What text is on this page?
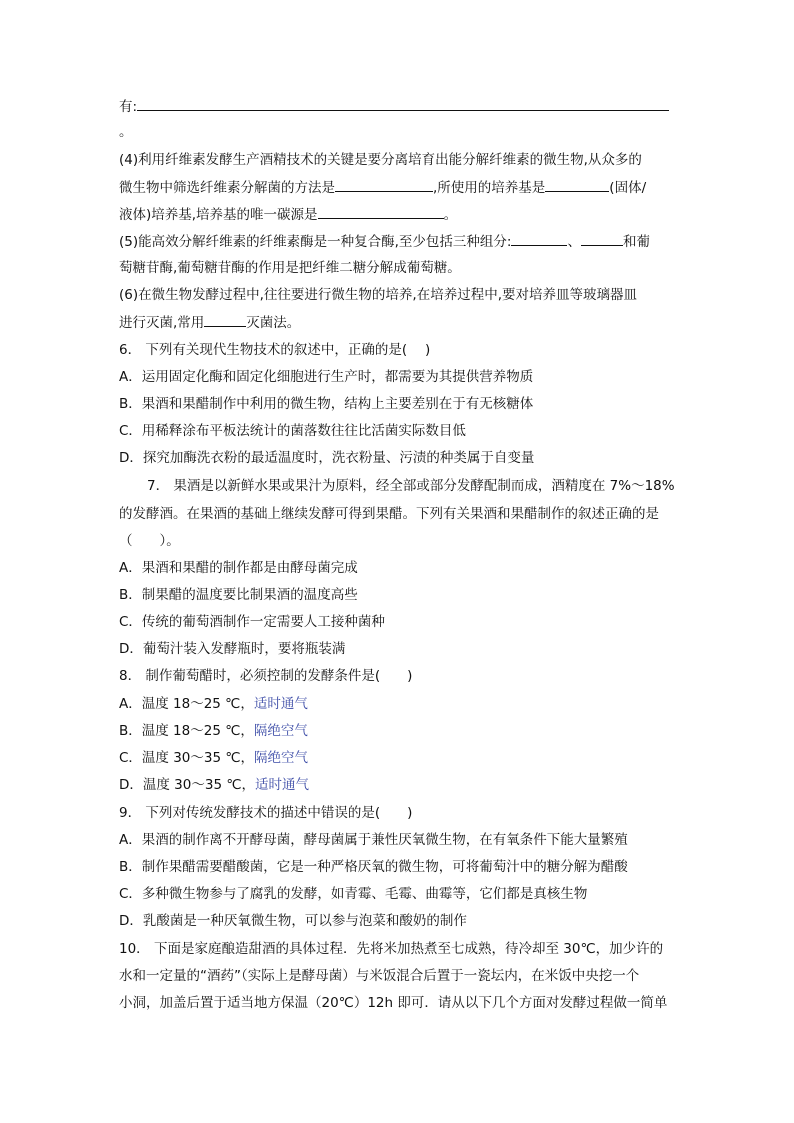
有:
。
(4)利用纤维素发酵生产酒精技术的关键是要分离培育出能分解纤维素的微生物,从众多的
微生物中筛选纤维素分解菌的方法是	,所使用的培养基是	(固体/
液体)培养基,培养基的唯一碳源是	。
(5)能高效分解纤维素的纤维素酶是一种复合酶,至少包括三种组分:	、	和葡
萄糖苷酶,葡萄糖苷酶的作用是把纤维二糖分解成葡萄糖。
(6)在微生物发酵过程中,往往要进行微生物的培养,在培养过程中,要对培养皿等玻璃器皿
进行灭菌,常用	灭菌法。
6． 下列有关现代生物技术的叙述中，正确的是(　 )
A．运用固定化酶和固定化细胞进行生产时，都需要为其提供营养物质
B．果酒和果醋制作中利用的微生物，结构上主要差别在于有无核糖体
C．用稀释涂布平板法统计的菌落数往往比活菌实际数目低
D．探究加酶洗衣粉的最适温度时，洗衣粉量、污渍的种类属于自变量
7． 果酒是以新鲜水果或果汁为原料，经全部或部分发酵配制而成，酒精度在 7%～18%
的发酵酒。在果酒的基础上继续发酵可得到果醋。下列有关果酒和果醋制作的叙述正确的是
（　　）。
A．果酒和果醋的制作都是由酵母菌完成
B．制果醋的温度要比制果酒的温度高些
C．传统的葡萄酒制作一定需要人工接种菌种
D．葡萄汁装入发酵瓶时，要将瓶装满
8． 制作葡萄醋时，必须控制的发酵条件是(　　)
A．温度 18～25 ℃，适时通气
B．温度 18～25 ℃，隔绝空气
C．温度 30～35 ℃，隔绝空气
D．温度 30～35 ℃，适时通气
9． 下列对传统发酵技术的描述中错误的是(　　)
A．果酒的制作离不开酵母菌，酵母菌属于兼性厌氧微生物，在有氧条件下能大量繁殖
B．制作果醋需要醋酸菌，它是一种严格厌氧的微生物，可将葡萄汁中的糖分解为醋酸
C．多种微生物参与了腐乳的发酵，如青霉、毛霉、曲霉等，它们都是真核生物
D．乳酸菌是一种厌氧微生物，可以参与泡菜和酸奶的制作
10． 下面是家庭酿造甜酒的具体过程．先将米加热煮至七成熟，待冷却至 30℃，加少许的
水和一定量的“酒药”（实际上是酵母菌）与米饭混合后置于一瓷坛内，在米饭中央挖一个
小洞，加盖后置于适当地方保温（20℃）12h 即可．请从以下几个方面对发酵过程做一简单
